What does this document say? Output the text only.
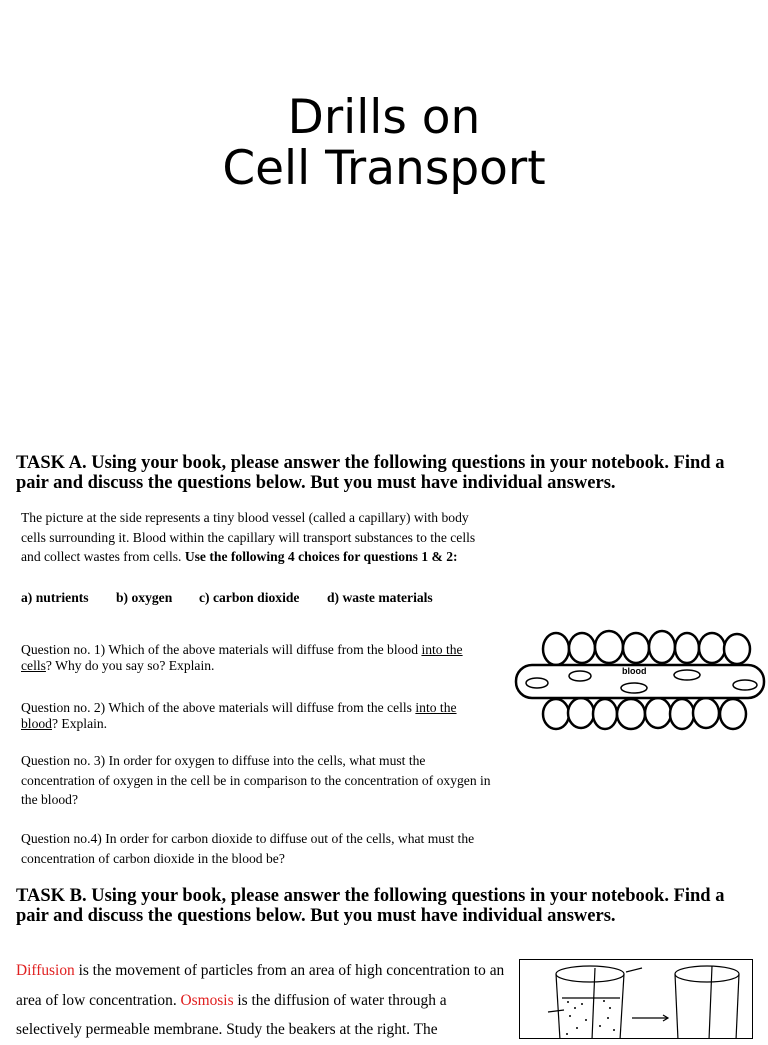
Drills on
Cell Transport

TASK A. Using your book, please answer the following questions in your notebook. Find a pair and discuss the questions below. But you must have individual answers.

The picture at the side represents a tiny blood vessel (called a capillary) with body cells surrounding it. Blood within the capillary will transport substances to the cells and collect wastes from cells. Use the following 4 choices for questions 1 & 2:

a) nutrients	b) oxygen	c) carbon dioxide	d) waste materials

Question no. 1) Which of the above materials will diffuse from the blood into the cells? Why do you say so? Explain.

Question no. 2) Which of the above materials will diffuse from the cells into the blood? Explain.

Question no. 3) In order for oxygen to diffuse into the cells, what must the concentration of oxygen in the cell be in comparison to the concentration of oxygen in the blood?

Question no.4) In order for carbon dioxide to diffuse out of the cells, what must the concentration of carbon dioxide in the blood be?

blood

TASK B. Using your book, please answer the following questions in your notebook. Find a pair and discuss the questions below. But you must have individual answers.

Diffusion is the movement of particles from an area of high concentration to an area of low concentration. Osmosis is the diffusion of water through a selectively permeable membrane. Study the beakers at the right. The
